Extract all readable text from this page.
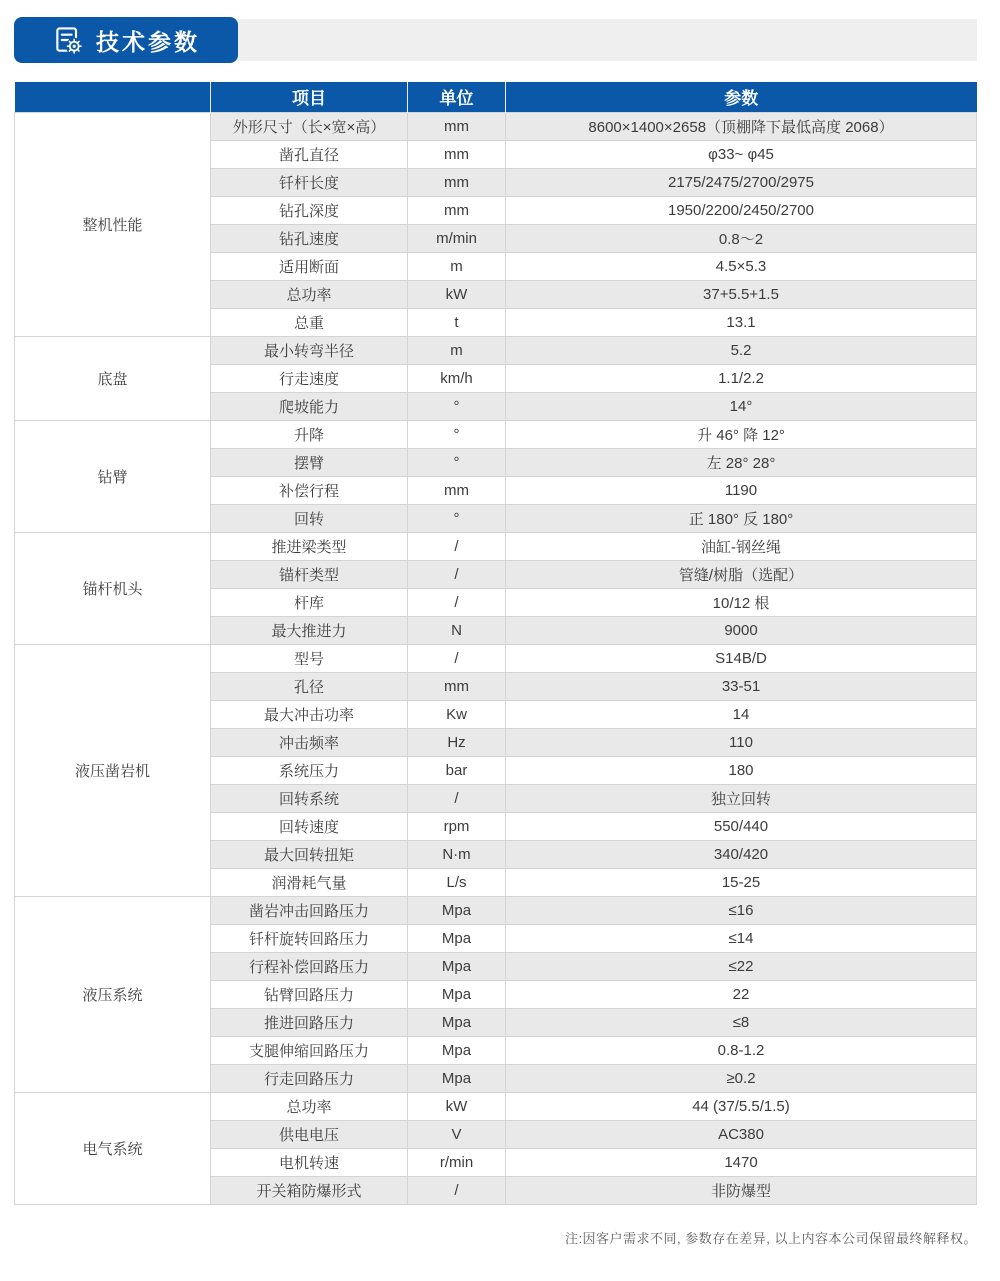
技术参数
	项目	单位	参数
整机性能	外形尺寸（长×宽×高）	mm	8600×1400×2658（顶棚降下最低高度 2068）
	凿孔直径	mm	φ33~ φ45
	钎杆长度	mm	2175/2475/2700/2975
	钻孔深度	mm	1950/2200/2450/2700
	钻孔速度	m/min	0.8～2
	适用断面	m	4.5×5.3
	总功率	kW	37+5.5+1.5
	总重	t	13.1
底盘	最小转弯半径	m	5.2
	行走速度	km/h	1.1/2.2
	爬坡能力	°	14°
钻臂	升降	°	升 46° 降 12°
	摆臂	°	左 28° 28°
	补偿行程	mm	1190
	回转	°	正 180° 反 180°
锚杆机头	推进梁类型	/	油缸-钢丝绳
	锚杆类型	/	管缝/树脂（选配）
	杆库	/	10/12 根
	最大推进力	N	9000
液压凿岩机	型号	/	S14B/D
	孔径	mm	33-51
	最大冲击功率	Kw	14
	冲击频率	Hz	110
	系统压力	bar	180
	回转系统	/	独立回转
	回转速度	rpm	550/440
	最大回转扭矩	N·m	340/420
	润滑耗气量	L/s	15-25
液压系统	凿岩冲击回路压力	Mpa	≤16
	钎杆旋转回路压力	Mpa	≤14
	行程补偿回路压力	Mpa	≤22
	钻臂回路压力	Mpa	22
	推进回路压力	Mpa	≤8
	支腿伸缩回路压力	Mpa	0.8-1.2
	行走回路压力	Mpa	≥0.2
电气系统	总功率	kW	44 (37/5.5/1.5)
	供电电压	V	AC380
	电机转速	r/min	1470
	开关箱防爆形式	/	非防爆型
注:因客户需求不同, 参数存在差异, 以上内容本公司保留最终解释权。
